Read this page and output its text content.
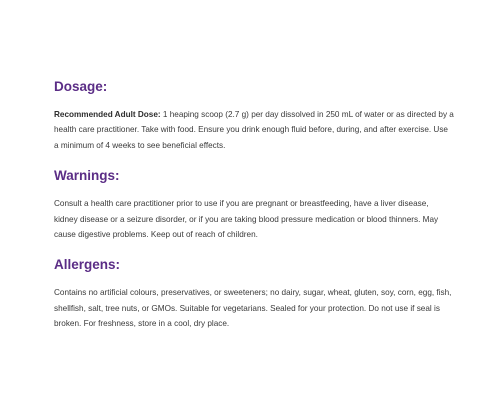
Dosage:

Recommended Adult Dose: 1 heaping scoop (2.7 g) per day dissolved in 250 mL of water or as directed by a health care practitioner. Take with food. Ensure you drink enough fluid before, during, and after exercise. Use a minimum of 4 weeks to see beneficial effects.

Warnings:

Consult a health care practitioner prior to use if you are pregnant or breastfeeding, have a liver disease, kidney disease or a seizure disorder, or if you are taking blood pressure medication or blood thinners. May cause digestive problems. Keep out of reach of children.

Allergens:

Contains no artificial colours, preservatives, or sweeteners; no dairy, sugar, wheat, gluten, soy, corn, egg, fish, shellfish, salt, tree nuts, or GMOs. Suitable for vegetarians. Sealed for your protection. Do not use if seal is broken. For freshness, store in a cool, dry place.
